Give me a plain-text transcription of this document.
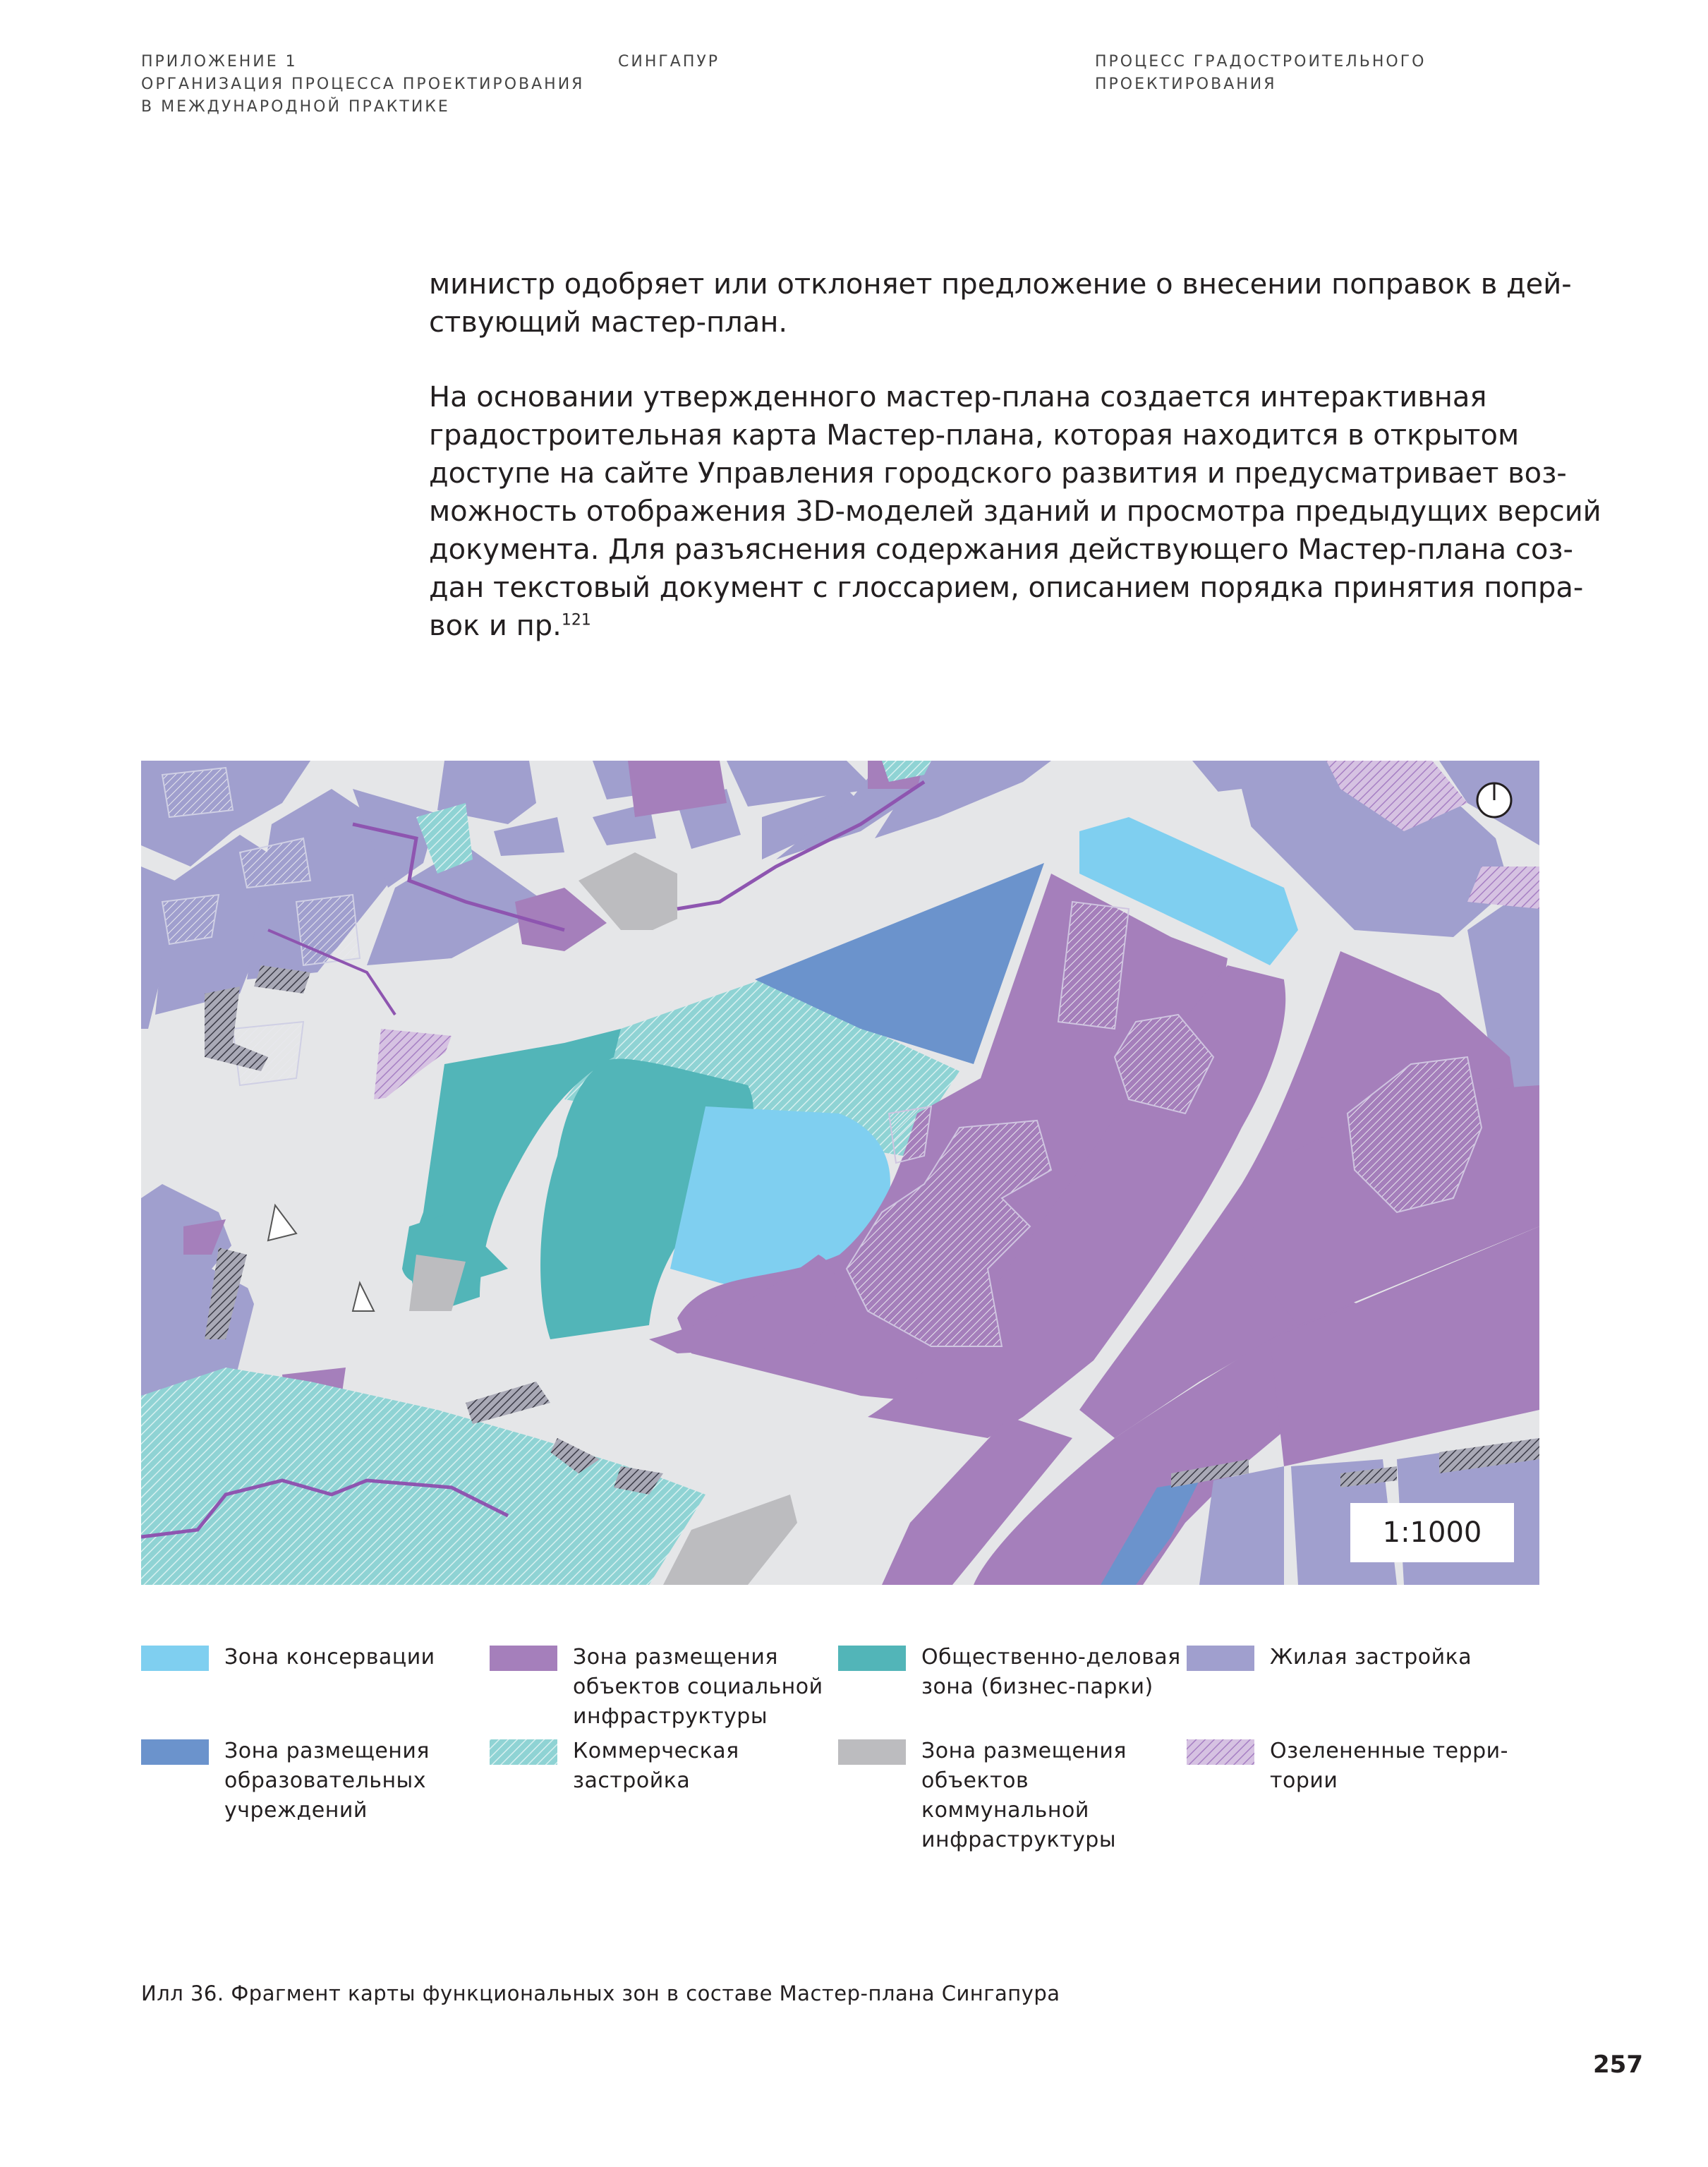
ПРИЛОЖЕНИЕ 1
ОРГАНИЗАЦИЯ ПРОЦЕССА ПРОЕКТИРОВАНИЯ
В МЕЖДУНАРОДНОЙ ПРАКТИКЕ
СИНГАПУР	ПРОЦЕСС ГРАДОСТРОИТЕЛЬНОГО
ПРОЕКТИРОВАНИЯ
министр одобряет или отклоняет предложение о внесении поправок в дей-
ствующий мастер-план.
На основании утвержденного мастер-плана создается интерактивная
градостроительная карта Мастер-плана, которая находится в открытом
доступе на сайте Управления городского развития и предусматривает воз-
можность отображения 3D-моделей зданий и просмотра предыдущих версий
документа. Для разъяснения содержания действующего Мастер-плана соз-
дан текстовый документ с глоссарием, описанием порядка принятия попра-
вок и пр.$^{121}$
1:1000
Зона консервации	Зона размещения
объектов социальной
инфраструктуры
Общественно-деловая
зона (бизнес-парки)
Жилая застройка
Зона размещения
образовательных
учреждений
Коммерческая
застройка
Зона размещения
объектов
коммунальной
инфраструктуры
Озелененные терри-
тории
Илл 36. Фрагмент карты функциональных зон в составе Мастер-плана Сингапура
257
